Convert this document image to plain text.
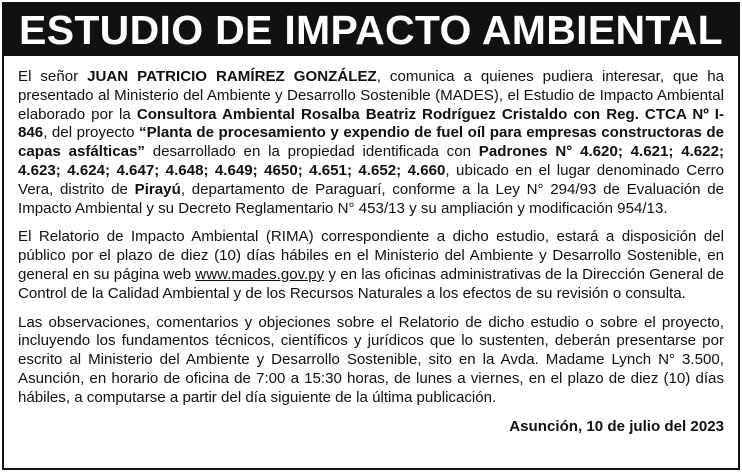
ESTUDIO DE IMPACTO AMBIENTAL

El señor JUAN PATRICIO RAMÍREZ GONZÁLEZ, comunica a quienes pudiera interesar, que ha presentado al Ministerio del Ambiente y Desarrollo Sostenible (MADES), el Estudio de Impacto Ambiental elaborado por la Consultora Ambiental Rosalba Beatriz Rodríguez Cristaldo con Reg. CTCA Nº I-846, del proyecto “Planta de procesamiento y expendio de fuel oíl para empresas constructoras de capas asfálticas” desarrollado en la propiedad identificada con Padrones N° 4.620; 4.621; 4.622; 4.623; 4.624; 4.647; 4.648; 4.649; 4650; 4.651; 4.652; 4.660, ubicado en el lugar denominado Cerro Vera, distrito de Pirayú, departamento de Paraguarí, conforme a la Ley N° 294/93 de Evaluación de Impacto Ambiental y su Decreto Reglamentario N° 453/13 y su ampliación y modificación 954/13.

El Relatorio de Impacto Ambiental (RIMA) correspondiente a dicho estudio, estará a disposición del público por el plazo de diez (10) días hábiles en el Ministerio del Ambiente y Desarrollo Sostenible, en general en su página web www.mades.gov.py y en las oficinas administrativas de la Dirección General de Control de la Calidad Ambiental y de los Recursos Naturales a los efectos de su revisión o consulta.

Las observaciones, comentarios y objeciones sobre el Relatorio de dicho estudio o sobre el proyecto, incluyendo los fundamentos técnicos, científicos y jurídicos que lo sustenten, deberán presentarse por escrito al Ministerio del Ambiente y Desarrollo Sostenible, sito en la Avda. Madame Lynch N° 3.500, Asunción, en horario de oficina de 7:00 a 15:30 horas, de lunes a viernes, en el plazo de diez (10) días hábiles, a computarse a partir del día siguiente de la última publicación.

Asunción, 10 de julio del 2023
